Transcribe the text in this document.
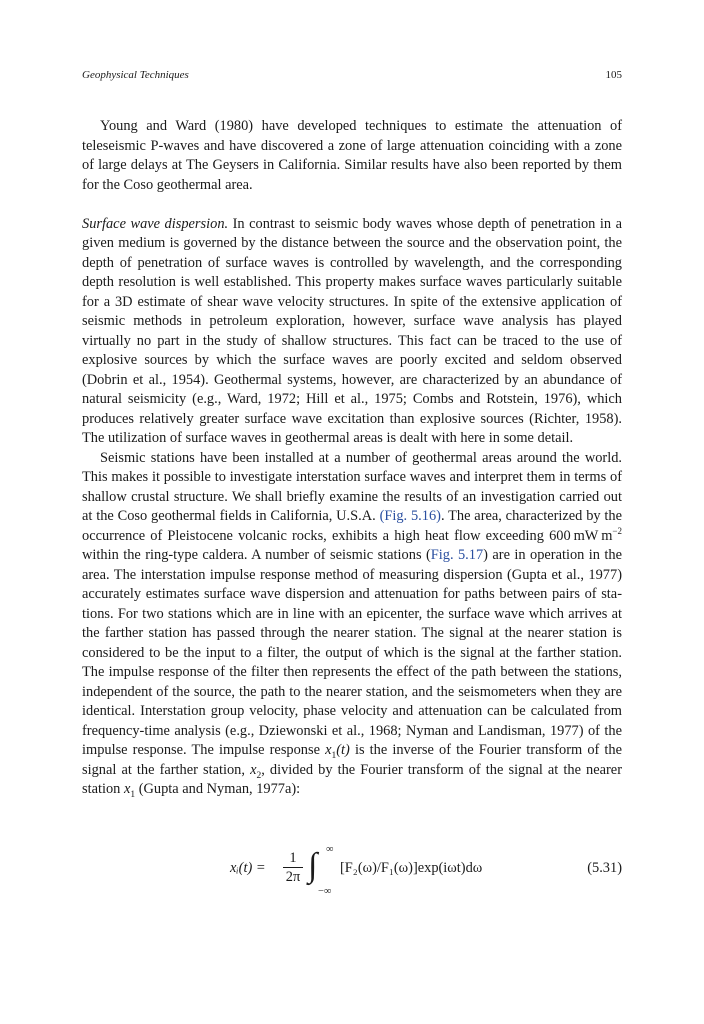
Geophysical Techniques	105

Young and Ward (1980) have developed techniques to estimate the attenuation of teleseismic P-waves and have discovered a zone of large attenuation coinciding with a zone of large delays at The Geysers in California. Similar results have also been reported by them for the Coso geothermal area.

Surface wave dispersion. In contrast to seismic body waves whose depth of penetration in a given medium is governed by the distance between the source and the observation point, the depth of penetration of surface waves is controlled by wavelength, and the corresponding depth resolution is well established. This property makes surface waves particularly suitable for a 3D estimate of shear wave velocity structures. In spite of the extensive application of seismic methods in petroleum exploration, however, surface wave analysis has played virtually no part in the study of shallow structures. This fact can be traced to the use of explosive sources by which the surface waves are poorly excited and seldom observed (Dobrin et al., 1954). Geothermal systems, however, are characterized by an abundance of natural seismicity (e.g., Ward, 1972; Hill et al., 1975; Combs and Rotstein, 1976), which produces relatively greater surface wave excitation than explosive sources (Richter, 1958). The utilization of surface waves in geothermal areas is dealt with here in some detail.

Seismic stations have been installed at a number of geothermal areas around the world. This makes it possible to investigate interstation surface waves and interpret them in terms of shallow crustal structure. We shall briefly examine the results of an investigation carried out at the Coso geothermal fields in California, U.S.A. (Fig. 5.16). The area, characterized by the occurrence of Pleistocene volcanic rocks, exhibits a high heat flow exceeding 600 mW $m^{-2}$ within the ring-type caldera. A number of seismic stations (Fig. 5.17) are in operation in the area. The interstation impulse response method of measuring dispersion (Gupta et al., 1977) accurately estimates surface wave dispersion and attenuation for paths between pairs of stations. For two stations which are in line with an epicenter, the surface wave which arrives at the farther station has passed through the nearer station. The signal at the nearer station is considered to be the input to a filter, the output of which is the signal at the farther station. The impulse response of the filter then represents the effect of the path between the stations, independent of the source, the path to the nearer station, and the seismometers when they are identical. Interstation group velocity, phase velocity and attenuation can be calculated from frequency-time analysis (e.g., Dziewonski et al., 1968; Nyman and Landisman, 1977) of the impulse response. The impulse response $x_1(t)$ is the inverse of the Fourier transform of the signal at the farther station, $x_2$, divided by the Fourier transform of the signal at the nearer station $x_1$ (Gupta and Nyman, 1977a):

xᵢ(t) =
1
2π ∫ ∞
−∞
[F₂(ω)/F₁(ω)]exp(iωt)dω	(5.31)
